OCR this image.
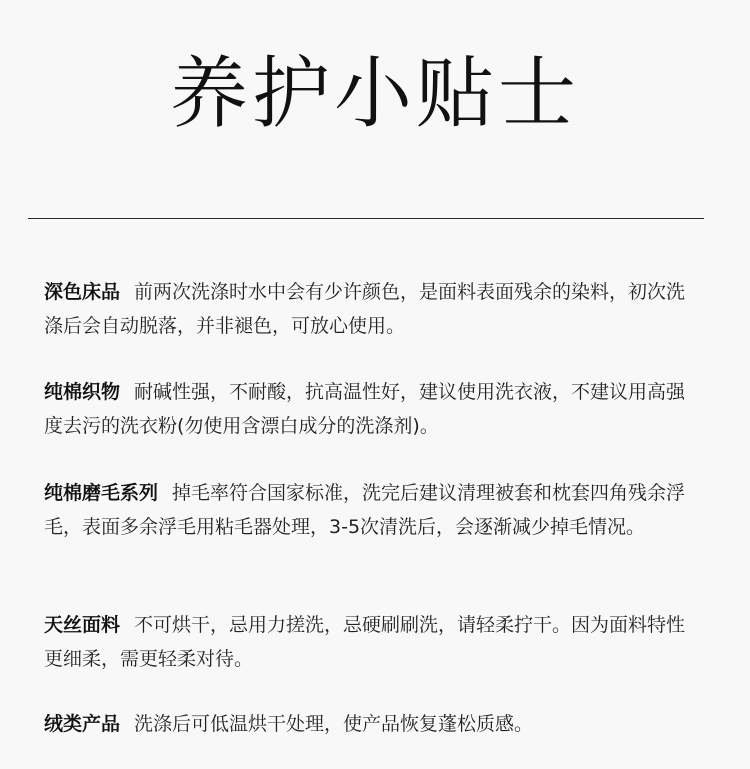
养护小贴士
深色床品 前两次洗涤时水中会有少许颜色，是面料表面残余的染料，初次洗涤后会自动脱落，并非褪色，可放心使用。
纯棉织物 耐碱性强，不耐酸，抗高温性好，建议使用洗衣液，不建议用高强度去污的洗衣粉(勿使用含漂白成分的洗涤剂)。
纯棉磨毛系列 掉毛率符合国家标准，洗完后建议清理被套和枕套四角残余浮毛，表面多余浮毛用粘毛器处理，3-5次清洗后，会逐渐减少掉毛情况。
天丝面料 不可烘干，忌用力搓洗，忌硬刷刷洗，请轻柔拧干。因为面料特性更细柔，需更轻柔对待。
绒类产品 洗涤后可低温烘干处理，使产品恢复蓬松质感。
